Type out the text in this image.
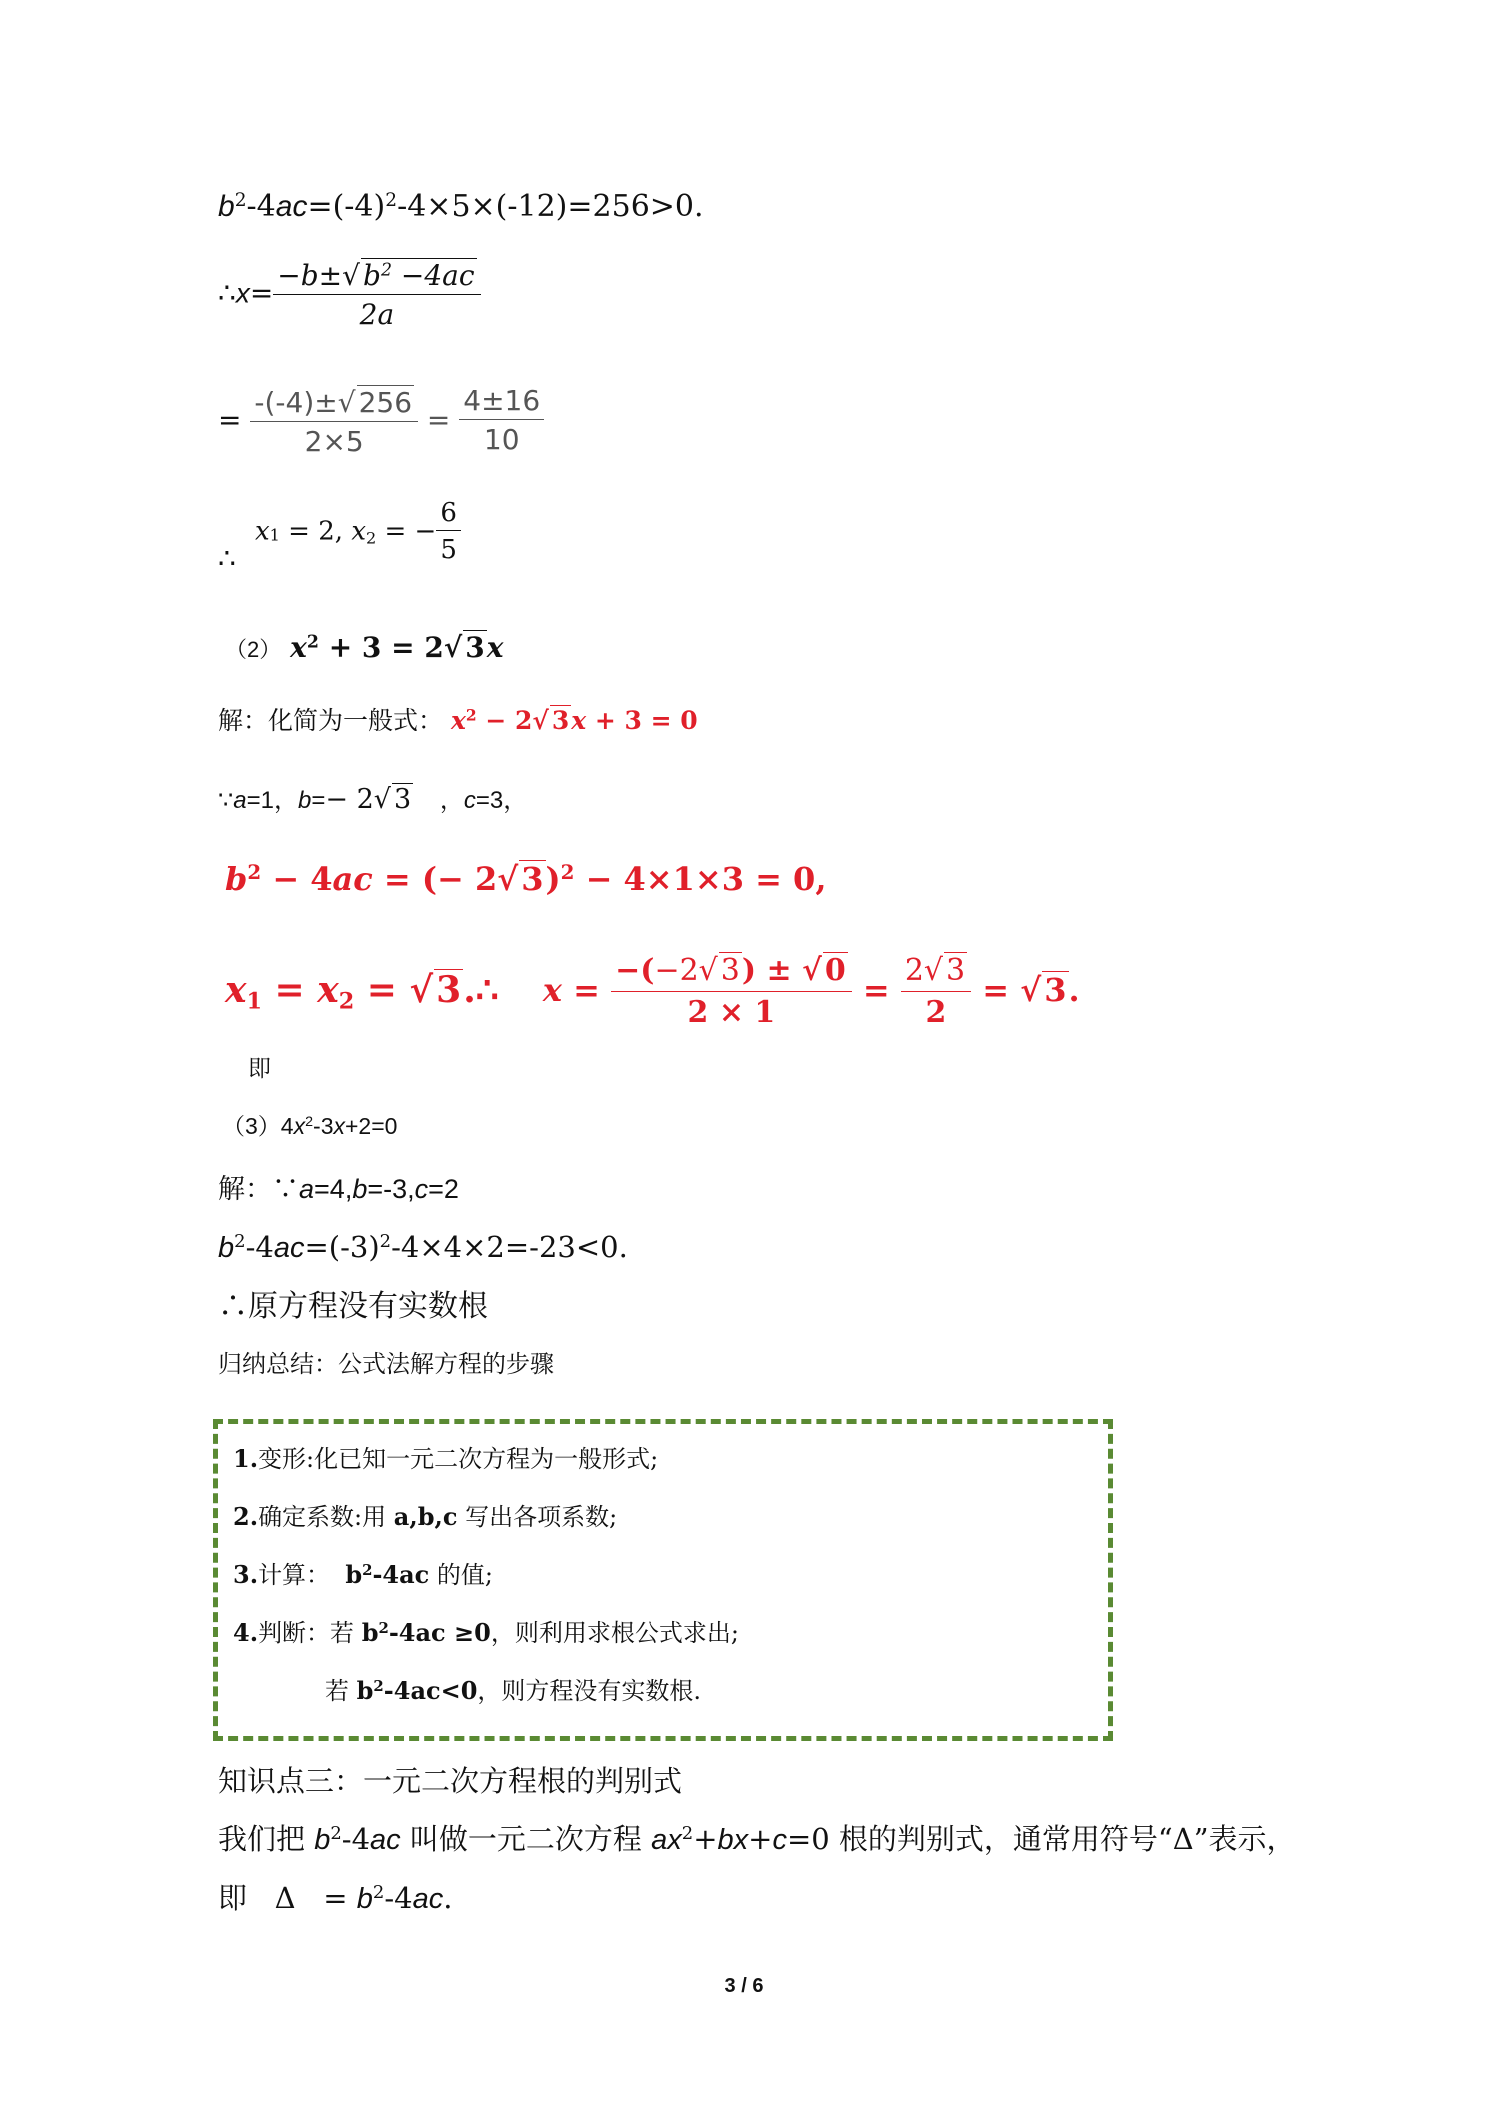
$b^2-4ac=(-4)^2-4\times 5\times(-12)=256>0$.
∴x= $\frac{-b\pm√ b^2 -4ac}{2a}$
= $\frac{-(-4)\pm√ 256}{2\times 5} = \frac{4\pm 16}{10}$
$x_1 = 2$, $x_2$ = − $\frac{6}{5}$
∴
（2） $x^2 + 3 = 2√$ 3x
解：化简为一般式： $x^2 - 2√$ 3x + 3 = 0
∵a=1，b=− 2√ 3    ，c=3，
$b^2 - 4ac$ = (− 2√3)$^2$ − 4×1×3 = 0,
$x_1 = x_2$ = √3.∴ $x = \frac{-(-2√ 3) \pm √ 0}{2 \times 1} = \frac{2√ 3}{2} = √3$.
即
$(3)4x^2-3x+2=0$
解：∵a=4,b=-3,c=2
$b^2-4ac=(-3)^2-4\times 4\times 2=-23<0$.
∴原方程没有实数根
归纳总结：公式法解方程的步骤
1.变形:化已知一元二次方程为一般形式;
2.确定系数:用 a,b,c 写出各项系数;
3.计算：  $b^2-4ac$ 的值;
4.判断：若 $b^2-4ac \ge 0$，则利用求根公式求出;
若 $b^2-4ac<0$，则方程没有实数根.
知识点三：一元二次方程根的判别式
我们把 $b^2-4ac$ 叫做一元二次方程 $ax^2+bx+c=0$ 根的判别式，通常用符号“Δ”表示，
即   $\Delta = b^2-4ac$.
3 / 6
